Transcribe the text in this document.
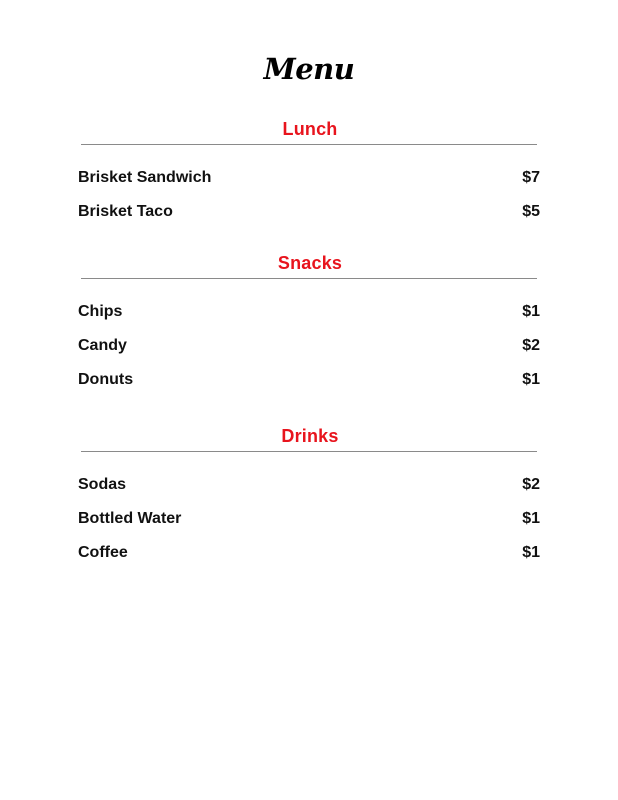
Menu
Lunch
Brisket Sandwich	$7
Brisket Taco	$5
Snacks
Chips	$1
Candy	$2
Donuts	$1
Drinks
Sodas	$2
Bottled Water	$1
Coffee	$1
